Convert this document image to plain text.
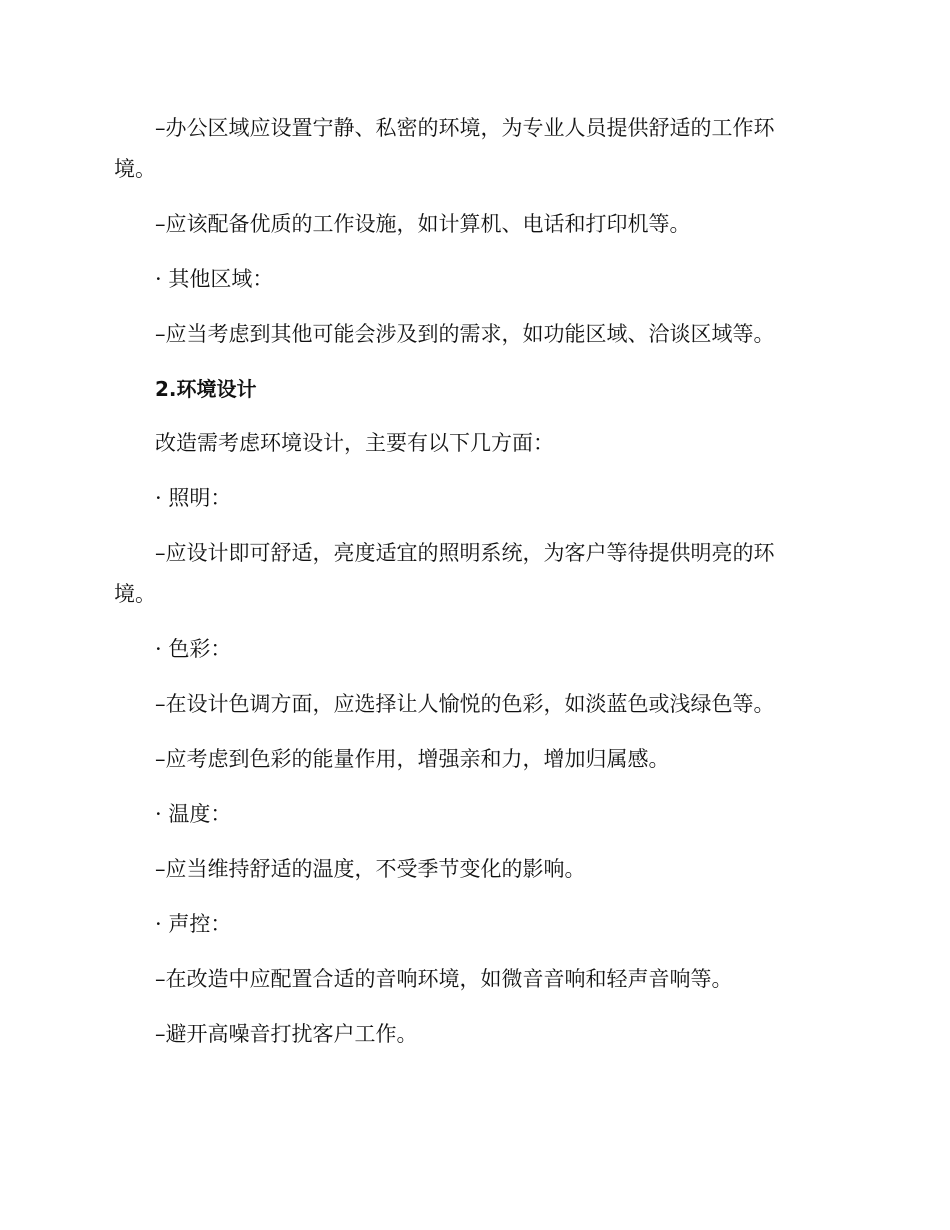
–办公区域应设置宁静、私密的环境，为专业人员提供舒适的工作环
境。
–应该配备优质的工作设施，如计算机、电话和打印机等。
· 其他区域：
–应当考虑到其他可能会涉及到的需求，如功能区域、洽谈区域等。
2.环境设计
改造需考虑环境设计，主要有以下几方面：
· 照明：
–应设计即可舒适，亮度适宜的照明系统，为客户等待提供明亮的环
境。
· 色彩：
–在设计色调方面，应选择让人愉悦的色彩，如淡蓝色或浅绿色等。
–应考虑到色彩的能量作用，增强亲和力，增加归属感。
· 温度：
–应当维持舒适的温度，不受季节变化的影响。
· 声控：
–在改造中应配置合适的音响环境，如微音音响和轻声音响等。
–避开高噪音打扰客户工作。
